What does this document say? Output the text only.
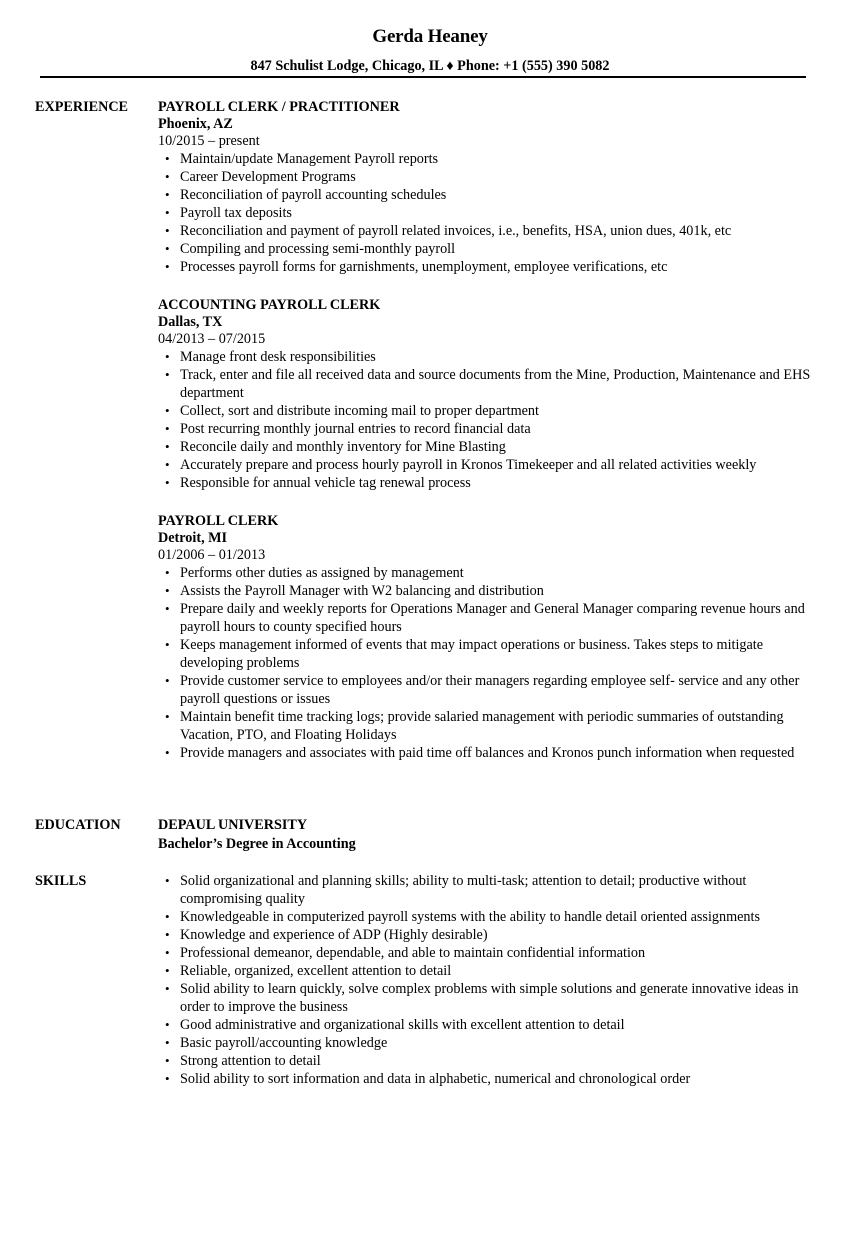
Gerda Heaney
847 Schulist Lodge, Chicago, IL ♦ Phone: +1 (555) 390 5082
EXPERIENCE PAYROLL CLERK / PRACTITIONER
Phoenix, AZ
10/2015 – present
• Maintain/update Management Payroll reports
• Career Development Programs
• Reconciliation of payroll accounting schedules
• Payroll tax deposits
• Reconciliation and payment of payroll related invoices, i.e., benefits, HSA, union dues, 401k, etc
• Compiling and processing semi-monthly payroll
• Processes payroll forms for garnishments, unemployment, employee verifications, etc
ACCOUNTING PAYROLL CLERK
Dallas, TX
04/2013 – 07/2015
• Manage front desk responsibilities
• Track, enter and file all received data and source documents from the Mine, Production, Maintenance and EHS department
• Collect, sort and distribute incoming mail to proper department
• Post recurring monthly journal entries to record financial data
• Reconcile daily and monthly inventory for Mine Blasting
• Accurately prepare and process hourly payroll in Kronos Timekeeper and all related activities weekly
• Responsible for annual vehicle tag renewal process
PAYROLL CLERK
Detroit, MI
01/2006 – 01/2013
• Performs other duties as assigned by management
• Assists the Payroll Manager with W2 balancing and distribution
• Prepare daily and weekly reports for Operations Manager and General Manager comparing revenue hours and payroll hours to county specified hours
• Keeps management informed of events that may impact operations or business. Takes steps to mitigate developing problems
• Provide customer service to employees and/or their managers regarding employee self- service and any other payroll questions or issues
• Maintain benefit time tracking logs; provide salaried management with periodic summaries of outstanding Vacation, PTO, and Floating Holidays
• Provide managers and associates with paid time off balances and Kronos punch information when requested
EDUCATION	DEPAUL UNIVERSITY
Bachelor’s Degree in Accounting
SKILLS	• Solid organizational and planning skills; ability to multi-task; attention to detail; productive without compromising quality
• Knowledgeable in computerized payroll systems with the ability to handle detail oriented assignments
• Knowledge and experience of ADP (Highly desirable)
• Professional demeanor, dependable, and able to maintain confidential information
• Reliable, organized, excellent attention to detail
• Solid ability to learn quickly, solve complex problems with simple solutions and generate innovative ideas in order to improve the business
• Good administrative and organizational skills with excellent attention to detail
• Basic payroll/accounting knowledge
• Strong attention to detail
• Solid ability to sort information and data in alphabetic, numerical and chronological order
